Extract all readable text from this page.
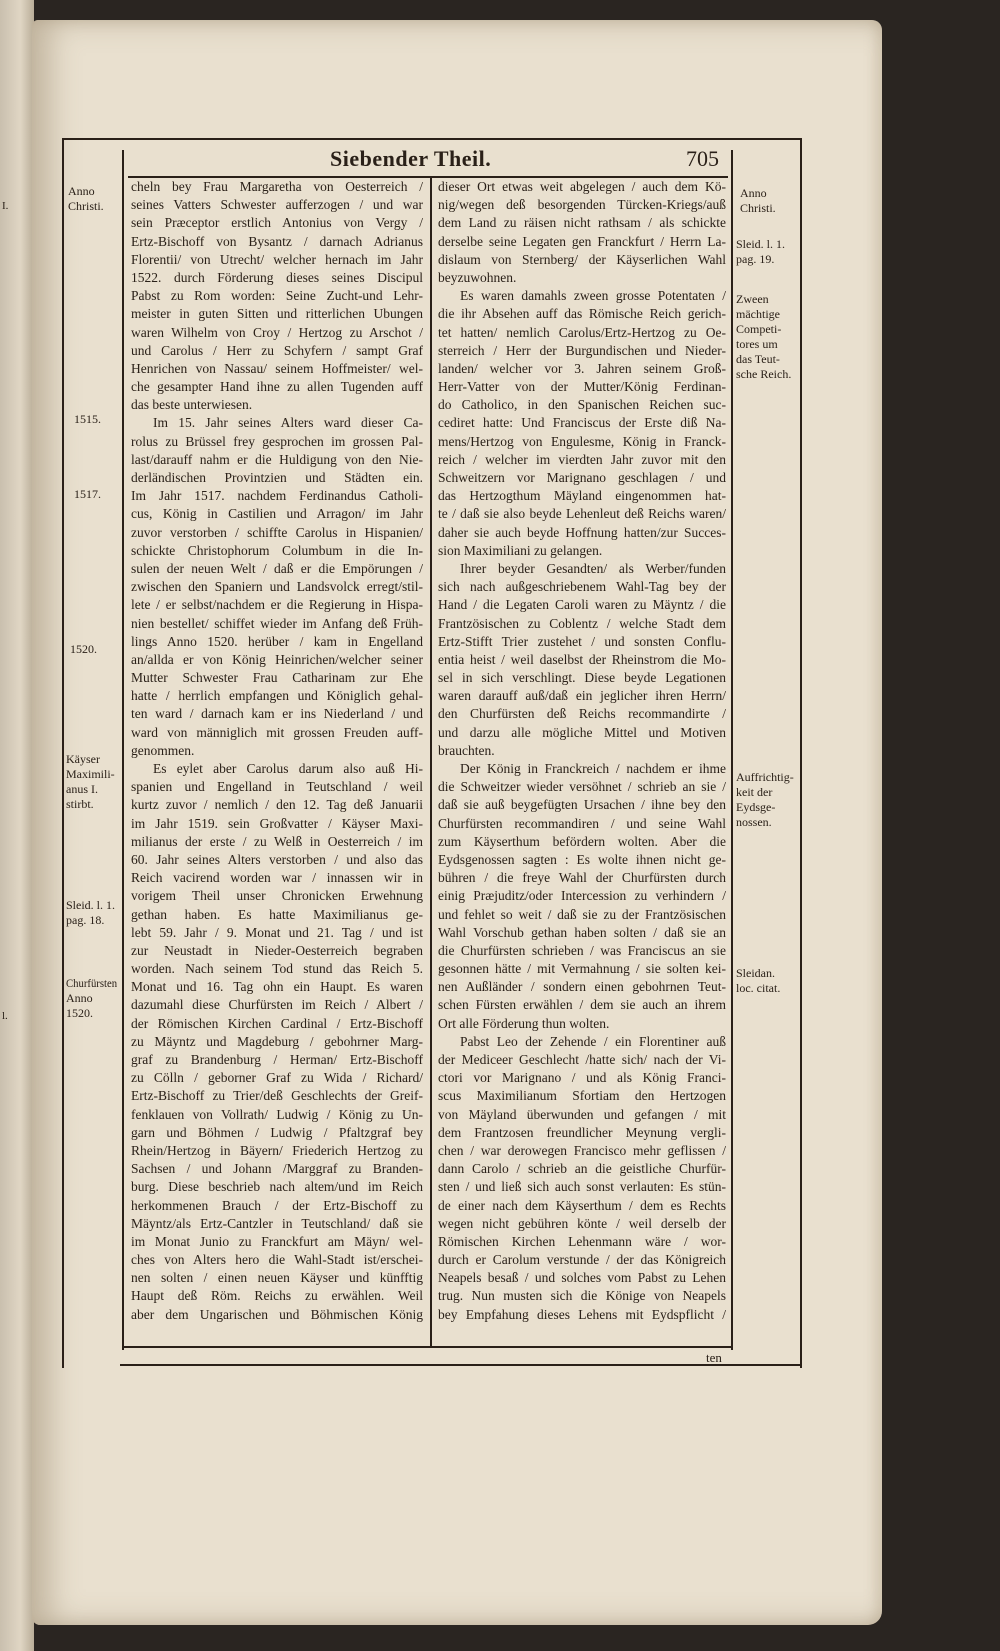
I.
l.
Siebender Theil.	705
cheln bey Frau Margaretha von Oesterreich /
seines Vatters Schwester aufferzogen / und war
sein Præceptor erstlich Antonius von Vergy /
Ertz-Bischoff von Bysantz / darnach Adrianus
Florentii/ von Utrecht/ welcher hernach im Jahr
1522. durch Förderung dieses seines Discipul
Pabst zu Rom worden: Seine Zucht-und Lehr-
meister in guten Sitten und ritterlichen Ubungen
waren Wilhelm von Croy / Hertzog zu Arschot /
und Carolus / Herr zu Schyfern / sampt Graf
Henrichen von Nassau/ seinem Hoffmeister/ wel-
che gesampter Hand ihne zu allen Tugenden auff
das beste unterwiesen.
Im 15. Jahr seines Alters ward dieser Ca-
rolus zu Brüssel frey gesprochen im grossen Pal-
last/darauff nahm er die Huldigung von den Nie-
derländischen Provintzien und Städten ein.
Im Jahr 1517. nachdem Ferdinandus Catholi-
cus, König in Castilien und Arragon/ im Jahr
zuvor verstorben / schiffte Carolus in Hispanien/
schickte Christophorum Columbum in die In-
sulen der neuen Welt / daß er die Empörungen /
zwischen den Spaniern und Landsvolck erregt/stil-
lete / er selbst/nachdem er die Regierung in Hispa-
nien bestellet/ schiffet wieder im Anfang deß Früh-
lings Anno 1520. herüber / kam in Engelland
an/allda er von König Heinrichen/welcher seiner
Mutter Schwester Frau Catharinam zur Ehe
hatte / herrlich empfangen und Königlich gehal-
ten ward / darnach kam er ins Niederland / und
ward von männiglich mit grossen Freuden auff-
genommen.
Es eylet aber Carolus darum also auß Hi-
spanien und Engelland in Teutschland / weil
kurtz zuvor / nemlich / den 12. Tag deß Januarii
im Jahr 1519. sein Großvatter / Käyser Maxi-
milianus der erste / zu Welß in Oesterreich / im
60. Jahr seines Alters verstorben / und also das
Reich vacirend worden war / innassen wir in
vorigem Theil unser Chronicken Erwehnung
gethan haben. Es hatte Maximilianus ge-
lebt 59. Jahr / 9. Monat und 21. Tag / und ist
zur Neustadt in Nieder-Oesterreich begraben
worden. Nach seinem Tod stund das Reich 5.
Monat und 16. Tag ohn ein Haupt. Es waren
dazumahl diese Churfürsten im Reich / Albert /
der Römischen Kirchen Cardinal / Ertz-Bischoff
zu Mäyntz und Magdeburg / gebohrner Marg-
graf zu Brandenburg / Herman/ Ertz-Bischoff
zu Cölln / geborner Graf zu Wida / Richard/
Ertz-Bischoff zu Trier/deß Geschlechts der Greif-
fenklauen von Vollrath/ Ludwig / König zu Un-
garn und Böhmen / Ludwig / Pfaltzgraf bey
Rhein/Hertzog in Bäyern/ Friederich Hertzog zu
Sachsen / und Johann /Marggraf zu Branden-
burg. Diese beschrieb nach altem/und im Reich
herkommenen Brauch / der Ertz-Bischoff zu
Mäyntz/als Ertz-Cantzler in Teutschland/ daß sie
im Monat Junio zu Franckfurt am Mäyn/ wel-
ches von Alters hero die Wahl-Stadt ist/erschei-
nen solten / einen neuen Käyser und künfftig
Haupt deß Röm. Reichs zu erwählen. Weil
aber dem Ungarischen und Böhmischen König
dieser Ort etwas weit abgelegen / auch dem Kö-
nig/wegen deß besorgenden Türcken-Kriegs/auß
dem Land zu räisen nicht rathsam / als schickte
derselbe seine Legaten gen Franckfurt / Herrn La-
dislaum von Sternberg/ der Käyserlichen Wahl
beyzuwohnen.
Es waren damahls zween grosse Potentaten /
die ihr Absehen auff das Römische Reich gerich-
tet hatten/ nemlich Carolus/Ertz-Hertzog zu Oe-
sterreich / Herr der Burgundischen und Nieder-
landen/ welcher vor 3. Jahren seinem Groß-
Herr-Vatter von der Mutter/König Ferdinan-
do Catholico, in den Spanischen Reichen suc-
cediret hatte: Und Franciscus der Erste diß Na-
mens/Hertzog von Engulesme, König in Franck-
reich / welcher im vierdten Jahr zuvor mit den
Schweitzern vor Marignano geschlagen / und
das Hertzogthum Mäyland eingenommen hat-
te / daß sie also beyde Lehenleut deß Reichs waren/
daher sie auch beyde Hoffnung hatten/zur Succes-
sion Maximiliani zu gelangen.
Ihrer beyder Gesandten/ als Werber/funden
sich nach außgeschriebenem Wahl-Tag bey der
Hand / die Legaten Caroli waren zu Mäyntz / die
Frantzösischen zu Coblentz / welche Stadt dem
Ertz-Stifft Trier zustehet / und sonsten Conflu-
entia heist / weil daselbst der Rheinstrom die Mo-
sel in sich verschlingt. Diese beyde Legationen
waren darauff auß/daß ein jeglicher ihren Herrn/
den Churfürsten deß Reichs recommandirte /
und darzu alle mögliche Mittel und Motiven
brauchten.
Der König in Franckreich / nachdem er ihme
die Schweitzer wieder versöhnet / schrieb an sie /
daß sie auß beygefügten Ursachen / ihne bey den
Churfürsten recommandiren / und seine Wahl
zum Käyserthum befördern wolten. Aber die
Eydsgenossen sagten : Es wolte ihnen nicht ge-
bühren / die freye Wahl der Churfürsten durch
einig Præjuditz/oder Intercession zu verhindern /
und fehlet so weit / daß sie zu der Frantzösischen
Wahl Vorschub gethan haben solten / daß sie an
die Churfürsten schrieben / was Franciscus an sie
gesonnen hätte / mit Vermahnung / sie solten kei-
nen Außländer / sondern einen gebohrnen Teut-
schen Fürsten erwählen / dem sie auch an ihrem
Ort alle Förderung thun wolten.
Pabst Leo der Zehende / ein Florentiner auß
der Mediceer Geschlecht /hatte sich/ nach der Vi-
ctori vor Marignano / und als König Franci-
scus Maximilianum Sfortiam den Hertzogen
von Mäyland überwunden und gefangen / mit
dem Frantzosen freundlicher Meynung vergli-
chen / war derowegen Francisco mehr geflissen /
dann Carolo / schrieb an die geistliche Churfür-
sten / und ließ sich auch sonst verlauten: Es stün-
de einer nach dem Käyserthum / dem es Rechts
wegen nicht gebühren könte / weil derselb der
Römischen Kirchen Lehenmann wäre / wor-
durch er Carolum verstunde / der das Königreich
Neapels besaß / und solches vom Pabst zu Lehen
trug. Nun musten sich die Könige von Neapels
bey Empfahung dieses Lehens mit Eydspflicht /
Anno
Christi.
1515.
1517.
1520.
Käyser
Maximili-
anus I.
stirbt.
Sleid. l. 1.
pag. 18.
Churfürsten
Anno
1520.
Anno
Christi.
Sleid. l. 1.
pag. 19.
Zween
mächtige
Competi-
tores um
das Teut-
sche Reich.
Auffrichtig-
keit der
Eydsge-
nossen.
Sleidan.
loc. citat.
ten
